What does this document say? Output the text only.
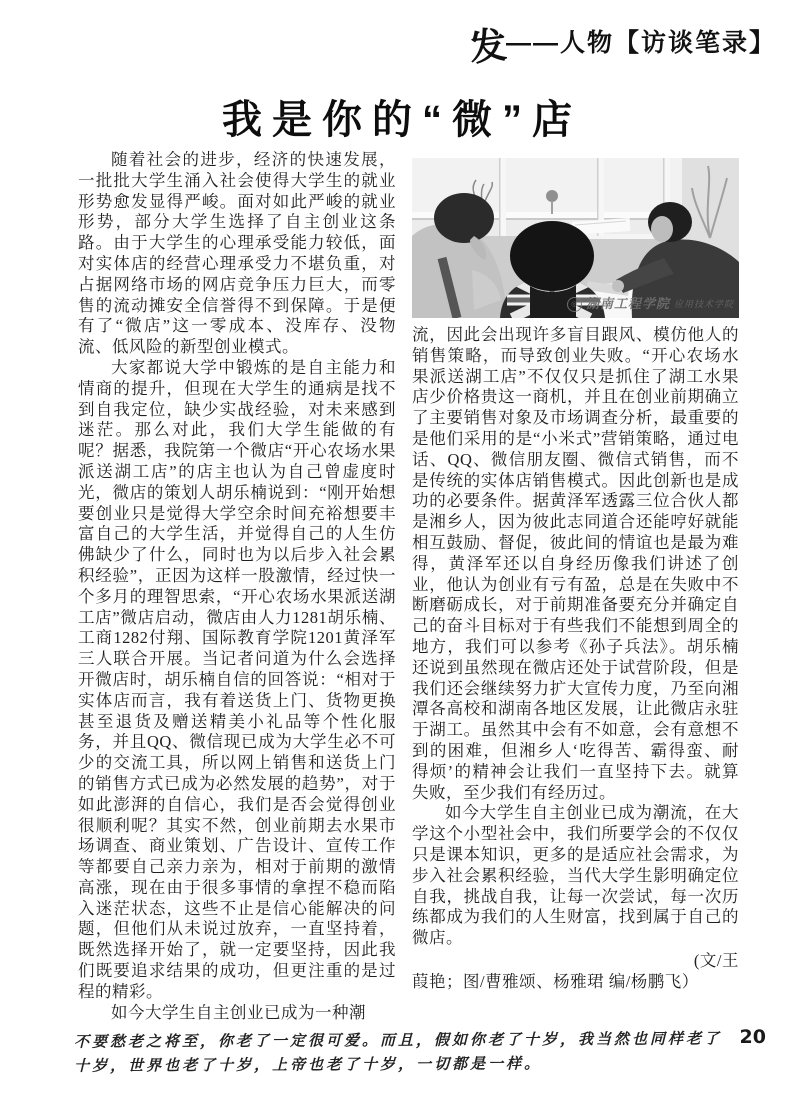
发——人物【访谈笔录】
我是你的“微”店

随着社会的进步，经济的快速发展，一批批大学生涌入社会使得大学生的就业形势愈发显得严峻。面对如此严峻的就业形势，部分大学生选择了自主创业这条路。由于大学生的心理承受能力较低，面对实体店的经营心理承受力不堪负重，对占据网络市场的网店竞争压力巨大，而零售的流动摊安全信誉得不到保障。于是便有了“微店”这一零成本、没库存、没物流、低风险的新型创业模式。

大家都说大学中锻炼的是自主能力和情商的提升，但现在大学生的通病是找不到自我定位，缺少实战经验，对未来感到迷茫。那么对此，我们大学生能做的有呢？据悉，我院第一个微店“开心农场水果派送湖工店”的店主也认为自己曾虚度时光，微店的策划人胡乐楠说到：“刚开始想要创业只是觉得大学空余时间充裕想要丰富自己的大学生活，并觉得自己的人生仿佛缺少了什么，同时也为以后步入社会累积经验”，正因为这样一股激情，经过快一个多月的理智思索，“开心农场水果派送湖工店”微店启动，微店由人力1281胡乐楠、工商1282付翔、国际教育学院1201黄泽军三人联合开展。当记者问道为什么会选择开微店时，胡乐楠自信的回答说：“相对于实体店而言，我有着送货上门、货物更换甚至退货及赠送精美小礼品等个性化服务，并且QQ、微信现已成为大学生必不可少的交流工具，所以网上销售和送货上门的销售方式已成为必然发展的趋势”，对于如此澎湃的自信心，我们是否会觉得创业很顺利呢？其实不然，创业前期去水果市场调查、商业策划、广告设计、宣传工作等都要自己亲力亲为，相对于前期的激情高涨，现在由于很多事情的拿捏不稳而陷入迷茫状态，这些不止是信心能解决的问题，但他们从未说过放弃，一直坚持着，既然选择开始了，就一定要坚持，因此我们既要追求结果的成功，但更注重的是过程的精彩。

如今大学生自主创业已成为一种潮

◎ 湖南工程学院 应用技术学院

流，因此会出现许多盲目跟风、模仿他人的销售策略，而导致创业失败。“开心农场水果派送湖工店”不仅仅只是抓住了湖工水果店少价格贵这一商机，并且在创业前期确立了主要销售对象及市场调查分析，最重要的是他们采用的是“小米式”营销策略，通过电话、QQ、微信朋友圈、微信式销售，而不是传统的实体店销售模式。因此创新也是成功的必要条件。据黄泽军透露三位合伙人都是湘乡人，因为彼此志同道合还能哼好就能相互鼓励、督促，彼此间的情谊也是最为难得，黄泽军还以自身经历像我们讲述了创业，他认为创业有亏有盈，总是在失败中不断磨砺成长，对于前期准备要充分并确定自己的奋斗目标对于有些我们不能想到周全的地方，我们可以参考《孙子兵法》。胡乐楠还说到虽然现在微店还处于试营阶段，但是我们还会继续努力扩大宣传力度，乃至向湘潭各高校和湖南各地区发展，让此微店永驻于湖工。虽然其中会有不如意，会有意想不到的困难，但湘乡人‘吃得苦、霸得蛮、耐得烦’的精神会让我们一直坚持下去。就算失败，至少我们有经历过。

如今大学生自主创业已成为潮流，在大学这个小型社会中，我们所要学会的不仅仅只是课本知识，更多的是适应社会需求，为步入社会累积经验，当代大学生影明确定位自我，挑战自我，让每一次尝试，每一次历练都成为我们的人生财富，找到属于自己的微店。

(文/王
葭艳；图/曹雅颂、杨雅珺 编/杨鹏飞）
不要愁老之将至，你老了一定很可爱。而且，假如你老了十岁，我当然也同样老了
十岁，世界也老了十岁，上帝也老了十岁，一切都是一样。
20
